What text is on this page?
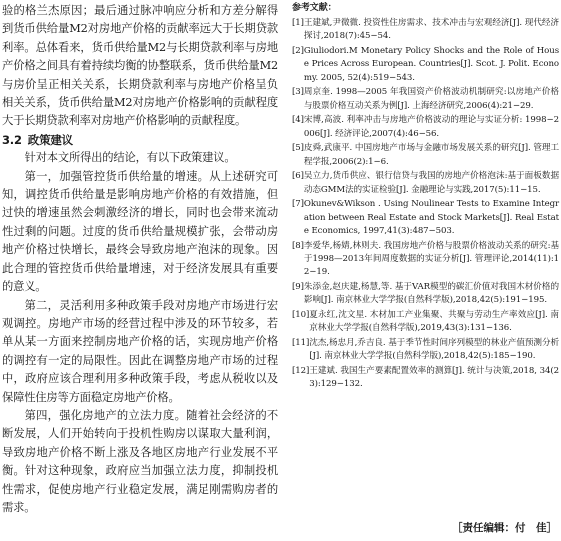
验的格兰杰原因；最后通过脉冲响应分析和方差分解得到货币供给量M2对房地产价格的贡献率远大于长期贷款利率。总体看来，货币供给量M2与长期贷款利率与房地产价格之间具有着持续均衡的协整联系，货币供给量M2与房价呈正相关关系，长期贷款利率与房地产价格呈负相关关系，货币供给量M2对房地产价格影响的贡献程度大于长期贷款利率对房地产价格影响的贡献程度。

3.2 政策建议

针对本文所得出的结论，有以下政策建议。

第一，加强管控货币供给量的增速。从上述研究可知，调控货币供给量是影响房地产价格的有效措施，但过快的增速虽然会刺激经济的增长，同时也会带来流动性过剩的问题。过度的货币供给量规模扩张，会带动房地产价格过快增长，最终会导致房地产泡沫的现象。因此合理的管控货币供给量增速，对于经济发展具有重要的意义。

第二，灵活利用多种政策手段对房地产市场进行宏观调控。房地产市场的经营过程中涉及的环节较多，若单从某一方面来控制房地产价格的话，实现房地产价格的调控有一定的局限性。因此在调整房地产市场的过程中，政府应该合理利用多种政策手段，考虑从税收以及保障性住房等方面稳定房地产价格。

第四，强化房地产的立法力度。随着社会经济的不断发展，人们开始转向于投机性购房以谋取大量利润，导致房地产价格不断上涨及各地区房地产行业发展不平衡。针对这种现象，政府应当加强立法力度，抑制投机性需求，促使房地产行业稳定发展，满足刚需购房者的需求。

参考文献：
[1] 王建斌,尹微微. 投资性住房需求、技术冲击与宏观经济[J]. 现代经济探讨,2018(7):45−54.
[2] Giuliodori.M Monetary Policy Shocks and the Role of House Prices Across European. Countries[J]. Scot. J. Polit. Economy. 2005, 52(4):519−543.
[3] 周京奎. 1998—2005 年我国资产价格波动机制研究:以房地产价格与股票价格互动关系为例[J]. 上海经济研究,2006(4):21−29.
[4] 宋博,高波. 利率冲击与房地产价格波动的理论与实证分析: 1998−2006[J]. 经济评论,2007(4):46−56.
[5] 皮舜,武康平. 中国房地产市场与金融市场发展关系的研究[J]. 管理工程学报,2006(2):1−6.
[6] 吴立力,货币供应、银行信贷与我国的房地产价格泡沫:基于面板数据动态GMM法的实证检验[J]. 金融理论与实践,2017(5):11−15.
[7] Okunev&Wikson . Using Noulinear Tests to Examine Integration between Real Estate and Stock Markets[J]. Real Estate Economics, 1997,41(3):487−503.
[8] 李爱华,杨婧,林则夫. 我国房地产价格与股票价格波动关系的研究:基于1998—2013年间周度数据的实证分析[J]. 管理评论,2014(11):12−19.
[9] 朱添金,赵庆建,杨慧,等. 基于VAR模型的碳汇价值对我国木材价格的影响[J]. 南京林业大学学报(自然科学版),2018,42(5):191−195.
[10] 夏永红,沈文星. 木材加工产业集聚、共聚与劳动生产率效应[J]. 南京林业大学学报(自然科学版),2019,43(3):131−136.
[11] 沈杰,杨忠月,乔吉良. 基于季节性时间序列模型的林业产值预测分析[J]. 南京林业大学学报(自然科学版),2018,42(5):185−190.
[12] 王建斌. 我国生产要素配置效率的测算[J]. 统计与决策,2018, 34(23):129−132.
［责任编辑：付　佳］
